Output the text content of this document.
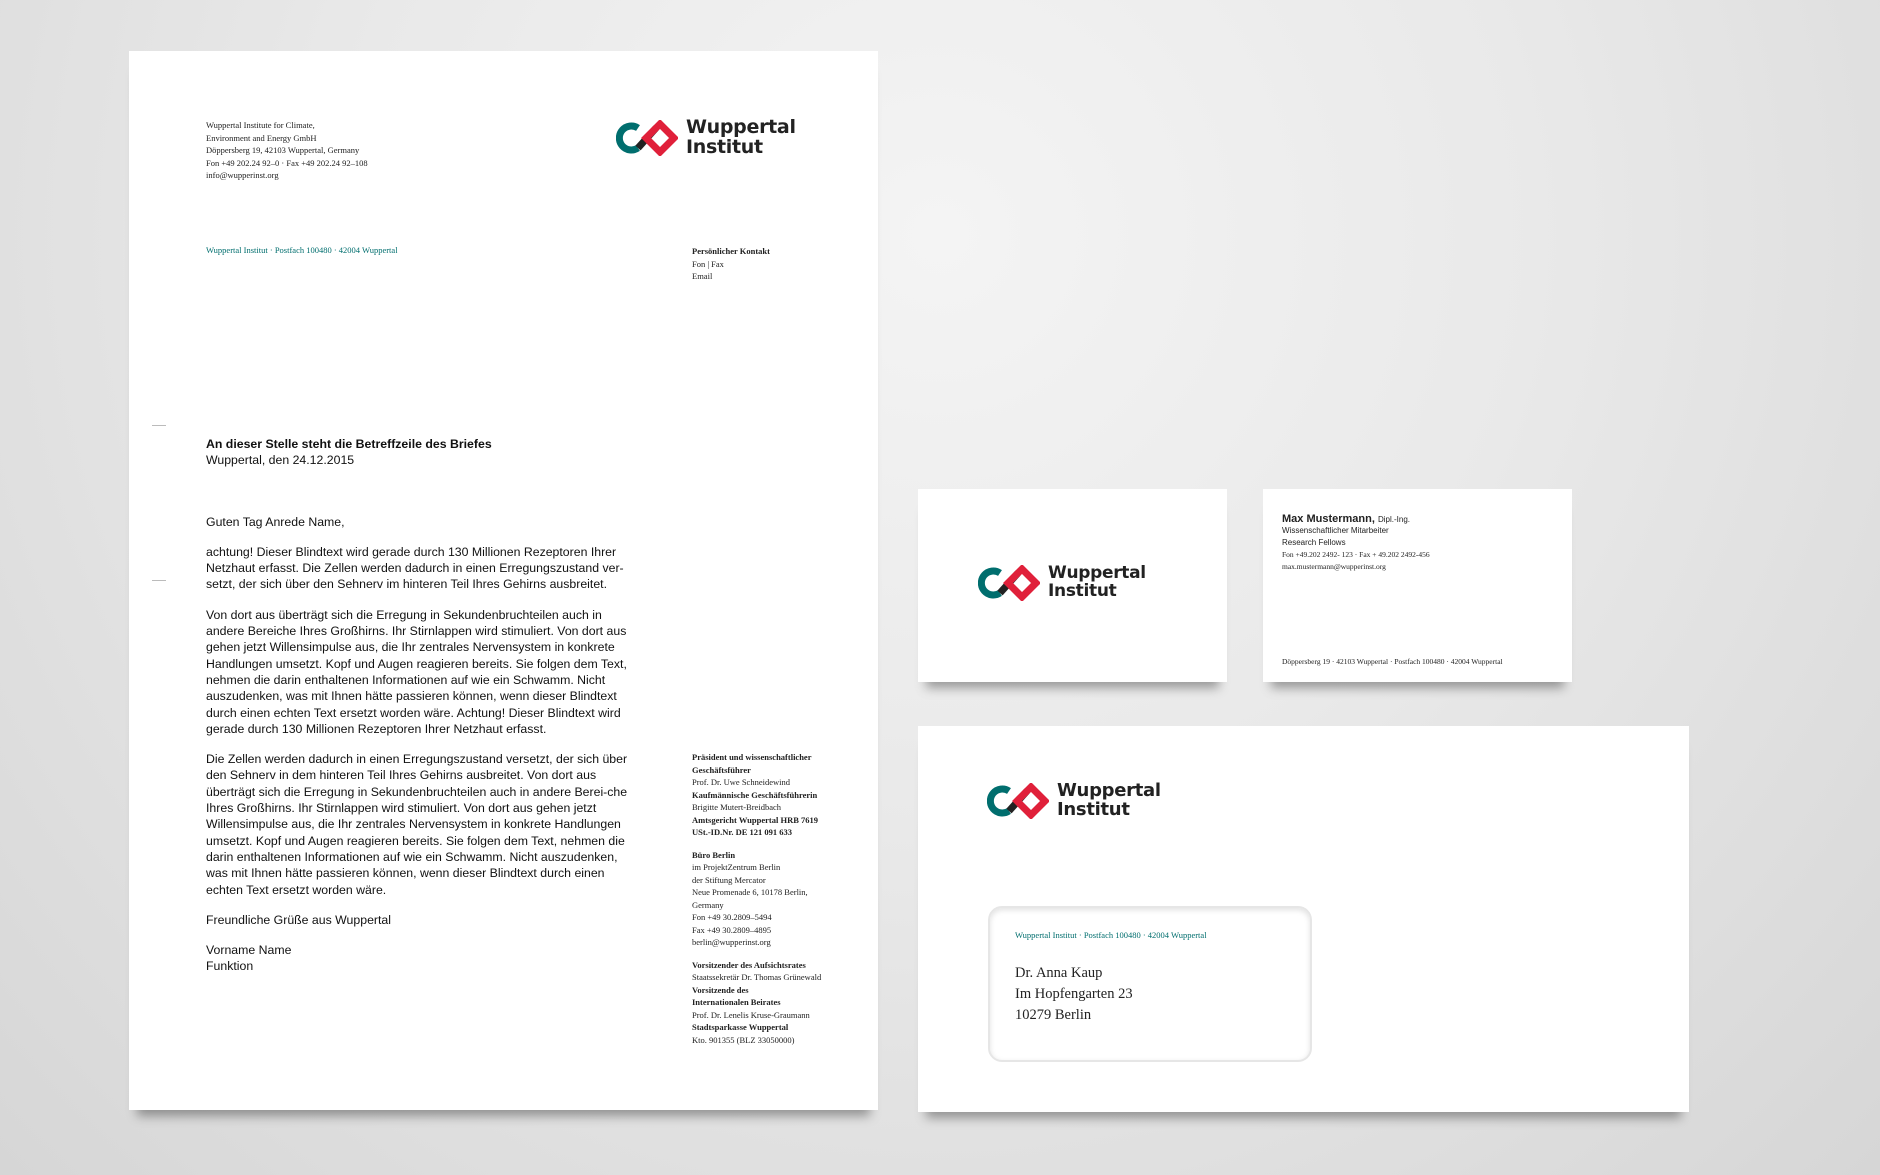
Wuppertal Institute for Climate,
Environment and Energy GmbH
Döppersberg 19, 42103 Wuppertal, Germany
Fon +49 202.24 92–0 · Fax +49 202.24 92–108
info@wupperinst.org
Wuppertal
Institut
Wuppertal Institut · Postfach 100480 · 42004 Wuppertal	Persönlicher Kontakt
Fon | Fax
Email
An dieser Stelle steht die Betreffzeile des Briefes
Wuppertal, den 24.12.2015

Guten Tag Anrede Name,

achtung! Dieser Blindtext wird gerade durch 130 Millionen Rezeptoren Ihrer Netzhaut erfasst. Die Zellen werden dadurch in einen Erregungszustand ver-setzt, der sich über den Sehnerv im hinteren Teil Ihres Gehirns ausbreitet.

Von dort aus überträgt sich die Erregung in Sekundenbruchteilen auch in andere Bereiche Ihres Großhirns. Ihr Stirnlappen wird stimuliert. Von dort aus gehen jetzt Willensimpulse aus, die Ihr zentrales Nervensystem in konkrete Handlungen umsetzt. Kopf und Augen reagieren bereits. Sie folgen dem Text, nehmen die darin enthaltenen Informationen auf wie ein Schwamm. Nicht auszudenken, was mit Ihnen hätte passieren können, wenn dieser Blindtext durch einen echten Text ersetzt worden wäre. Achtung! Dieser Blindtext wird gerade durch 130 Millionen Rezeptoren Ihrer Netzhaut erfasst.

Die Zellen werden dadurch in einen Erregungszustand versetzt, der sich über den Sehnerv in dem hinteren Teil Ihres Gehirns ausbreitet. Von dort aus überträgt sich die Erregung in Sekundenbruchteilen auch in andere Berei-che Ihres Großhirns. Ihr Stirnlappen wird stimuliert. Von dort aus gehen jetzt Willensimpulse aus, die Ihr zentrales Nervensystem in konkrete Handlungen umsetzt. Kopf und Augen reagieren bereits. Sie folgen dem Text, nehmen die darin enthaltenen Informationen auf wie ein Schwamm. Nicht auszudenken, was mit Ihnen hätte passieren können, wenn dieser Blindtext durch einen echten Text ersetzt worden wäre.

Freundliche Grüße aus Wuppertal

Vorname Name
Funktion
Präsident und wissenschaftlicher
Geschäftsführer
Prof. Dr. Uwe Schneidewind
Kaufmännische Geschäftsführerin
Brigitte Mutert-Breidbach
Amtsgericht Wuppertal HRB 7619
USt.-ID.Nr. DE 121 091 633
Büro Berlin
im ProjektZentrum Berlin
der Stiftung Mercator
Neue Promenade 6, 10178 Berlin,
Germany
Fon +49 30.2809–5494
Fax +49 30.2809–4895
berlin@wupperinst.org
Vorsitzender des Aufsichtsrates
Staatssekretär Dr. Thomas Grünewald
Vorsitzende des
Internationalen Beirates
Prof. Dr. Lenelis Kruse-Graumann
Stadtsparkasse Wuppertal
Kto. 901355 (BLZ 33050000)
Wuppertal
Institut
Max Mustermann, Dipl.-Ing.
Wissenschaftlicher Mitarbeiter
Research Fellows
Fon +49.202 2492- 123 · Fax + 49.202 2492-456
max.mustermann@wupperinst.org
Döppersberg 19 · 42103 Wuppertal · Postfach 100480 · 42004 Wuppertal
Wuppertal
Institut
Wuppertal Institut · Postfach 100480 · 42004 Wuppertal
Dr. Anna Kaup
Im Hopfengarten 23
10279 Berlin
